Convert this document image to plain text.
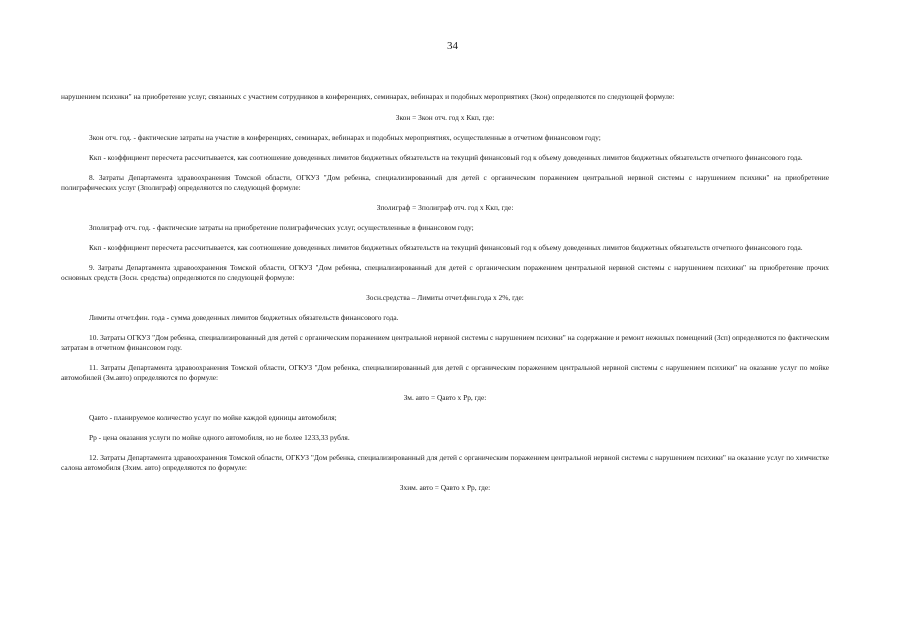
34

нарушением психики" на приобретение услуг, связанных с участием сотрудников в конференциях, семинарах, вебинарах и подобных мероприятиях (Зкон) определяются по следующей формуле:

Зкон = Зкон отч. год x Ккп, где:

Зкон отч. год. - фактические затраты на участие в конференциях, семинарах, вебинарах и подобных мероприятиях, осуществленные в отчетном финансовом году;

Ккп - коэффициент пересчета рассчитывается, как соотношение доведенных лимитов бюджетных обязательств на текущий финансовый год к объему доведенных лимитов бюджетных обязательств отчетного финансового года.

8. Затраты Департамента здравоохранения Томской области, ОГКУЗ "Дом ребенка, специализированный для детей с органическим поражением центральной нервной системы с нарушением психики" на приобретение полиграфических услуг (Зполиграф) определяются по следующей формуле:

Зполиграф = Зполиграф отч. год x Ккп, где:

Зполиграф отч. год. - фактические затраты на приобретение полиграфических услуг, осуществленные в финансовом году;

Ккп - коэффициент пересчета рассчитывается, как соотношение доведенных лимитов бюджетных обязательств на текущий финансовый год к объему доведенных лимитов бюджетных обязательств отчетного финансового года.

9. Затраты Департамента здравоохранения Томской области, ОГКУЗ "Дом ребенка, специализированный для детей с органическим поражением центральной нервной системы с нарушением психики" на приобретение прочих основных средств (Зосн. средства) определяются по следующей формуле:

Зосн.средства – Лимиты отчет.фин.года x 2%, где:

Лимиты отчет.фин. года - сумма доведенных лимитов бюджетных обязательств финансового года.

10. Затраты ОГКУЗ "Дом ребенка, специализированный для детей с органическим поражением центральной нервной системы с нарушением психики" на содержание и ремонт нежилых помещений (Зсп) определяются по фактическим затратам в отчетном финансовом году.

11. Затраты Департамента здравоохранения Томской области, ОГКУЗ "Дом ребенка, специализированный для детей с органическим поражением центральной нервной системы с нарушением психики" на оказание услуг по мойке автомобилей (Зм.авто) определяются по формуле:

Зм. авто = Qавто x Рр, где:

Qавто - планируемое количество услуг по мойке каждой единицы автомобиля;

Рр - цена оказания услуги по мойке одного автомобиля, но не более 1233,33 рубля.

12. Затраты Департамента здравоохранения Томской области, ОГКУЗ "Дом ребенка, специализированный для детей с органическим поражением центральной нервной системы с нарушением психики" на оказание услуг по химчистке салона автомобиля (Зхим. авто) определяются по формуле:

Зхим. авто = Qавто x Рр, где:
